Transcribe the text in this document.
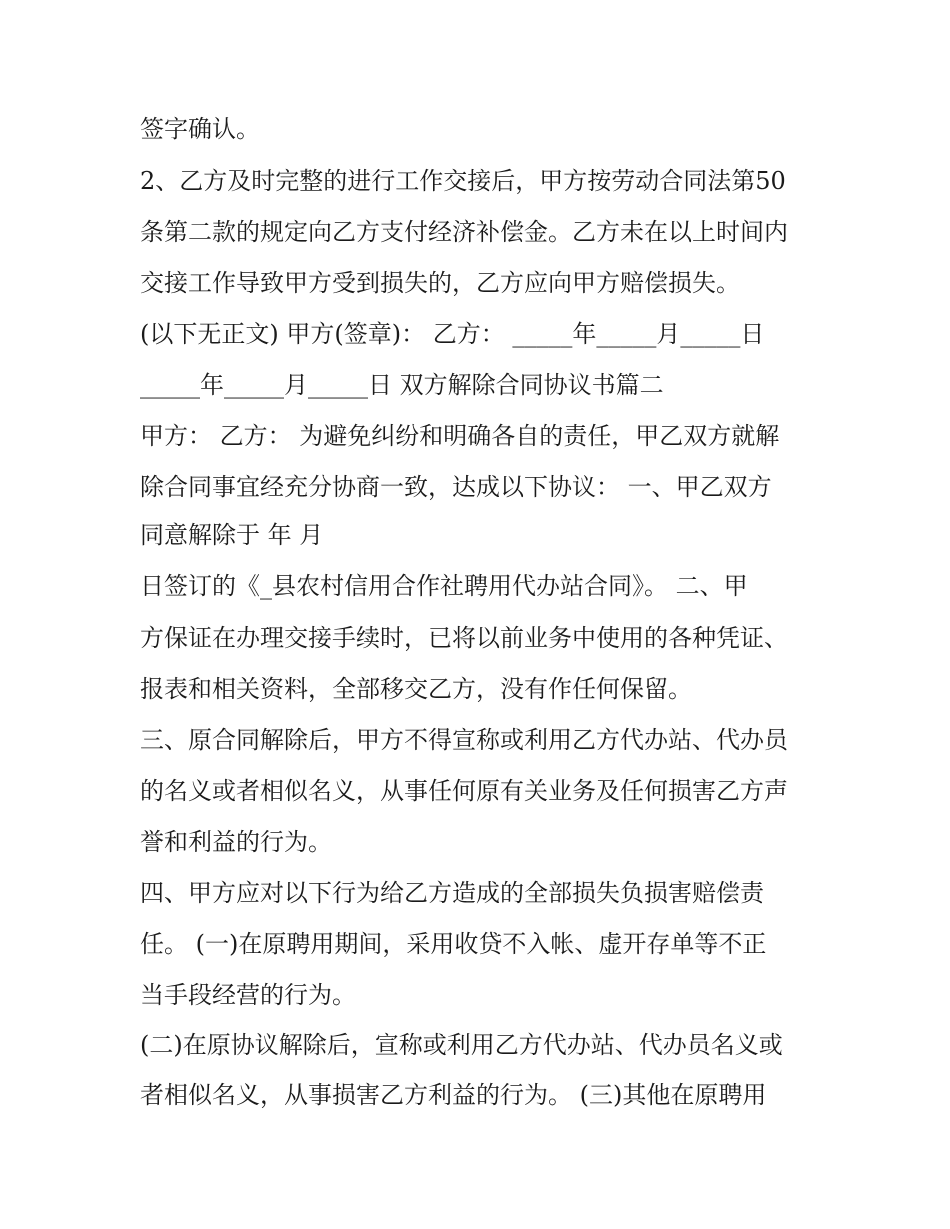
签字确认。
2、乙方及时完整的进行工作交接后，甲方按劳动合同法第50
条第二款的规定向乙方支付经济补偿金。乙方未在以上时间内
交接工作导致甲方受到损失的，乙方应向甲方赔偿损失。
(以下无正文) 甲方(签章)： 乙方： _____年_____月_____日
_____年_____月_____日 双方解除合同协议书篇二
甲方： 乙方： 为避免纠纷和明确各自的责任，甲乙双方就解
除合同事宜经充分协商一致，达成以下协议： 一、甲乙双方
同意解除于 年 月
日签订的《_县农村信用合作社聘用代办站合同》。 二、甲
方保证在办理交接手续时，已将以前业务中使用的各种凭证、
报表和相关资料，全部移交乙方，没有作任何保留。
三、原合同解除后，甲方不得宣称或利用乙方代办站、代办员
的名义或者相似名义，从事任何原有关业务及任何损害乙方声
誉和利益的行为。
四、甲方应对以下行为给乙方造成的全部损失负损害赔偿责
任。 (一)在原聘用期间，采用收贷不入帐、虚开存单等不正
当手段经营的行为。
(二)在原协议解除后，宣称或利用乙方代办站、代办员名义或
者相似名义，从事损害乙方利益的行为。 (三)其他在原聘用
